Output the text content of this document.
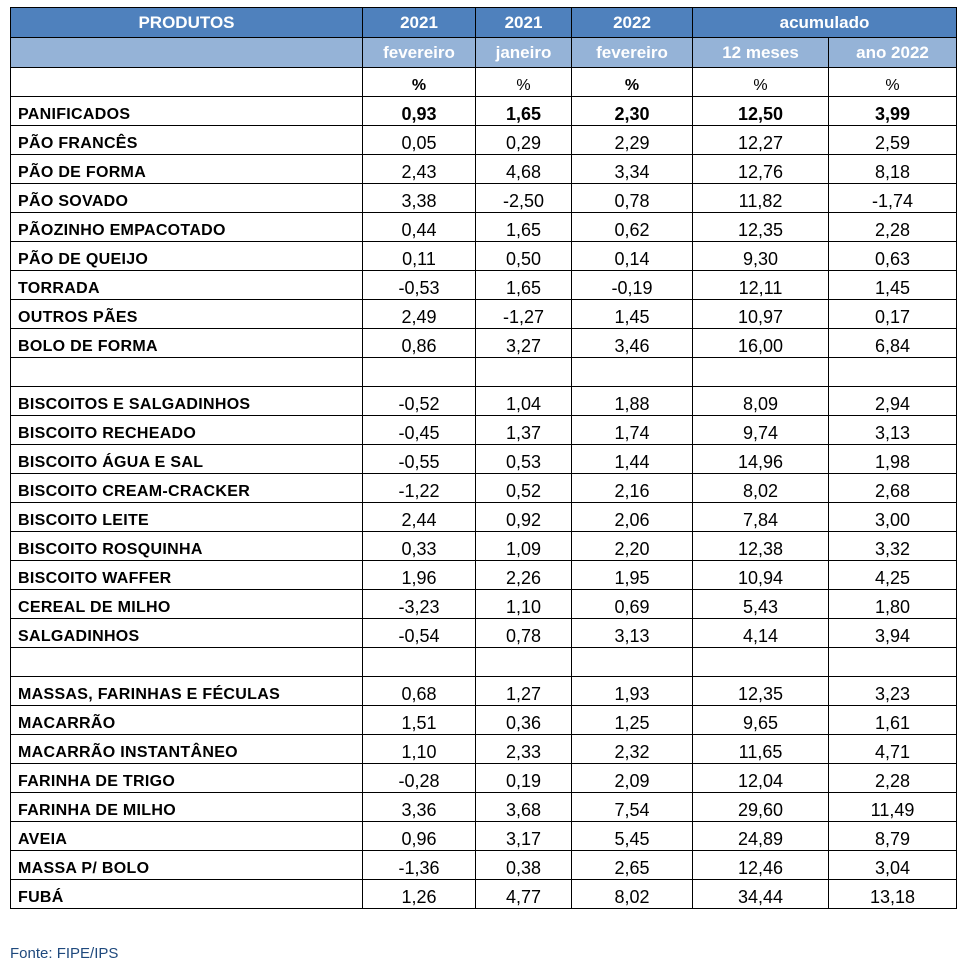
PRODUTOS	2021	2021	2022	acumulado	
	fevereiro	janeiro	fevereiro	12 meses	ano 2022
	%	%	%	%	%
PANIFICADOS	0,93	1,65	2,30	12,50	3,99
PÃO FRANCÊS	0,05	0,29	2,29	12,27	2,59
PÃO DE FORMA	2,43	4,68	3,34	12,76	8,18
PÃO SOVADO	3,38	-2,50	0,78	11,82	-1,74
PÃOZINHO EMPACOTADO	0,44	1,65	0,62	12,35	2,28
PÃO DE QUEIJO	0,11	0,50	0,14	9,30	0,63
TORRADA	-0,53	1,65	-0,19	12,11	1,45
OUTROS PÃES	2,49	-1,27	1,45	10,97	0,17
BOLO DE FORMA	0,86	3,27	3,46	16,00	6,84

BISCOITOS E SALGADINHOS	-0,52	1,04	1,88	8,09	2,94
BISCOITO RECHEADO	-0,45	1,37	1,74	9,74	3,13
BISCOITO ÁGUA E SAL	-0,55	0,53	1,44	14,96	1,98
BISCOITO CREAM-CRACKER	-1,22	0,52	2,16	8,02	2,68
BISCOITO LEITE	2,44	0,92	2,06	7,84	3,00
BISCOITO ROSQUINHA	0,33	1,09	2,20	12,38	3,32
BISCOITO WAFFER	1,96	2,26	1,95	10,94	4,25
CEREAL DE MILHO	-3,23	1,10	0,69	5,43	1,80
SALGADINHOS	-0,54	0,78	3,13	4,14	3,94

MASSAS, FARINHAS E FÉCULAS	0,68	1,27	1,93	12,35	3,23
MACARRÃO	1,51	0,36	1,25	9,65	1,61
MACARRÃO INSTANTÂNEO	1,10	2,33	2,32	11,65	4,71
FARINHA DE TRIGO	-0,28	0,19	2,09	12,04	2,28
FARINHA DE MILHO	3,36	3,68	7,54	29,60	11,49
AVEIA	0,96	3,17	5,45	24,89	8,79
MASSA P/ BOLO	-1,36	0,38	2,65	12,46	3,04
FUBÁ	1,26	4,77	8,02	34,44	13,18
Fonte: FIPE/IPS
